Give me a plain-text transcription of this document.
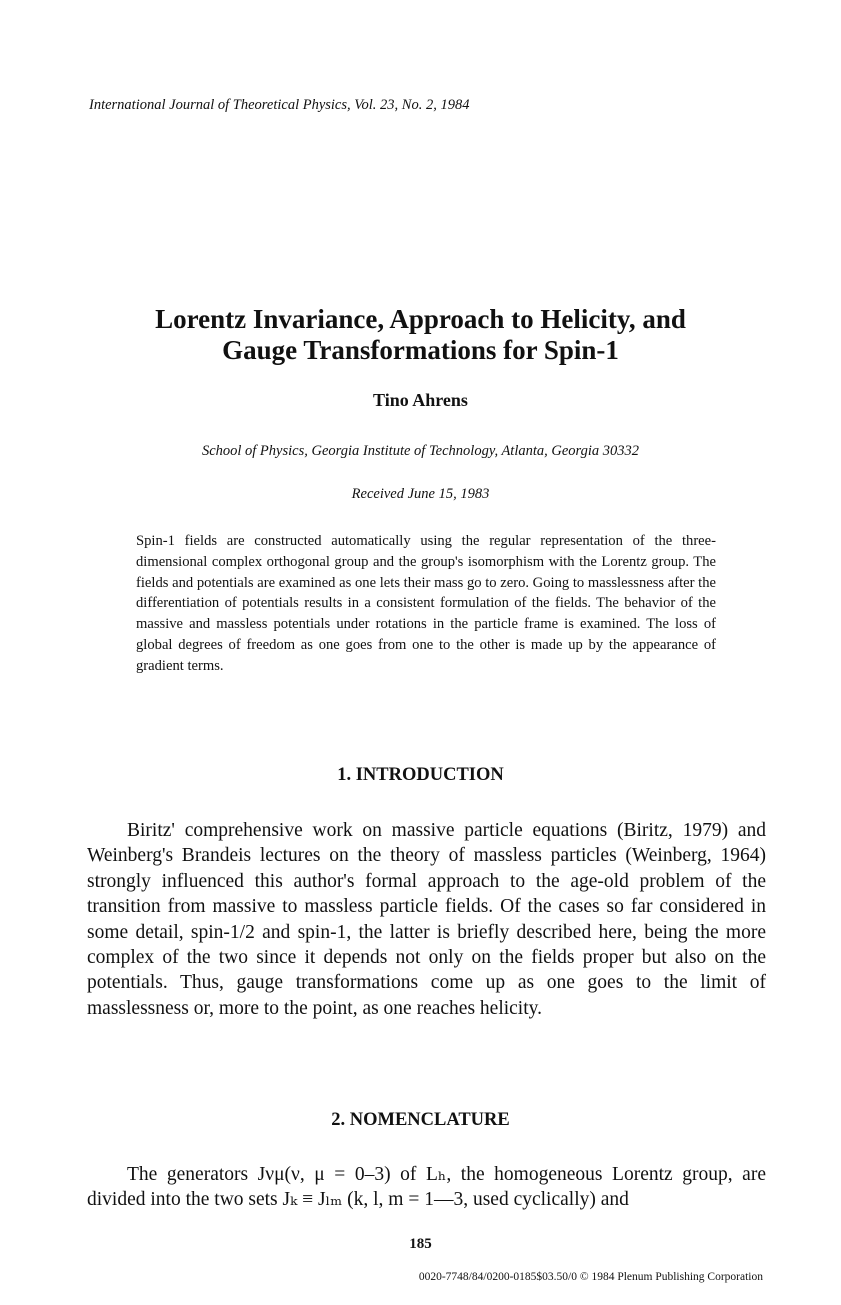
International Journal of Theoretical Physics, Vol. 23, No. 2, 1984
Lorentz Invariance, Approach to Helicity, and
Gauge Transformations for Spin-1
Tino Ahrens
School of Physics, Georgia Institute of Technology, Atlanta, Georgia 30332
Received June 15, 1983

Spin-1 fields are constructed automatically using the regular representation of the three-dimensional complex orthogonal group and the group's isomorphism with the Lorentz group. The fields and potentials are examined as one lets their mass go to zero. Going to masslessness after the differentiation of potentials results in a consistent formulation of the fields. The behavior of the massive and massless potentials under rotations in the particle frame is examined. The loss of global degrees of freedom as one goes from one to the other is made up by the appearance of gradient terms.

1. INTRODUCTION

Biritz' comprehensive work on massive particle equations (Biritz, 1979) and Weinberg's Brandeis lectures on the theory of massless particles (Weinberg, 1964) strongly influenced this author's formal approach to the age-old problem of the transition from massive to massless particle fields. Of the cases so far considered in some detail, spin-1/2 and spin-1, the latter is briefly described here, being the more complex of the two since it depends not only on the fields proper but also on the potentials. Thus, gauge transformations come up as one goes to the limit of masslessness or, more to the point, as one reaches helicity.

2. NOMENCLATURE

The generators Jνμ(ν, μ = 0–3) of Lₕ, the homogeneous Lorentz group, are divided into the two sets Jₖ ≡ Jₗₘ (k, l, m = 1—3, used cyclically) and

185
0020-7748/84/0200-0185$03.50/0 © 1984 Plenum Publishing Corporation
